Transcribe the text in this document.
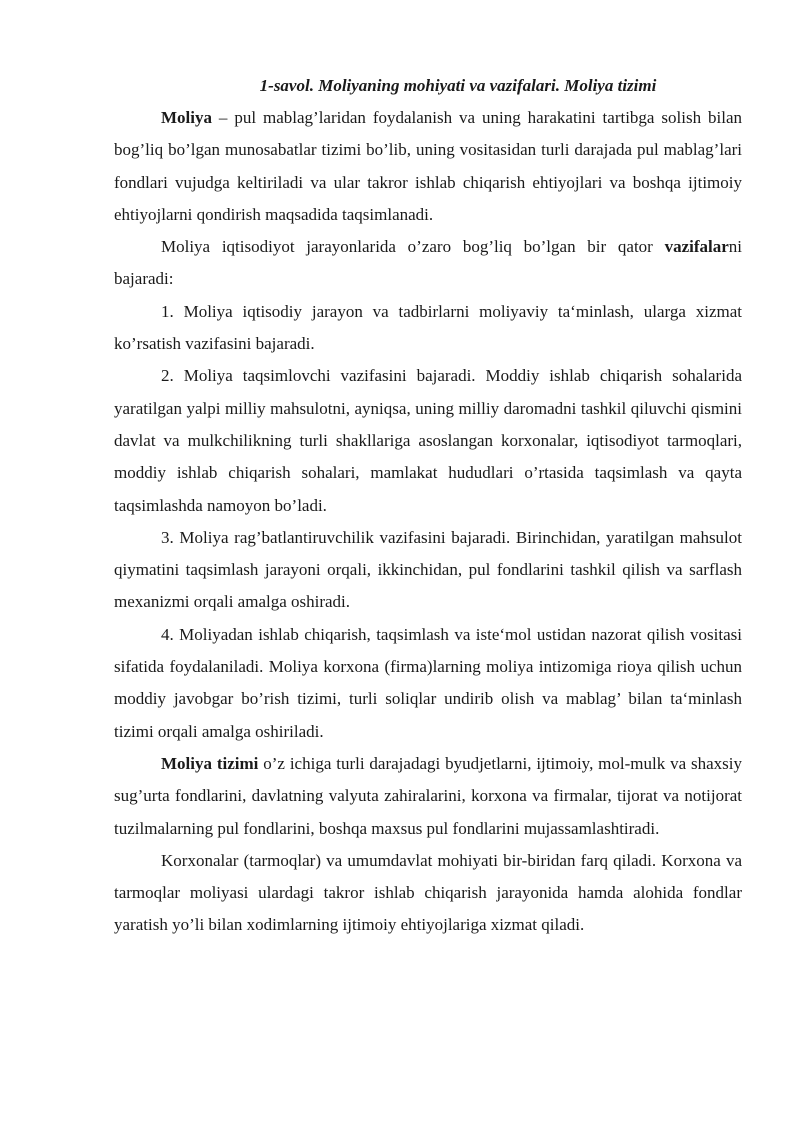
1-savol. Moliyaning mohiyati va vazifalari. Moliya tizimi

Moliya – pul mablag’laridan foydalanish va uning harakatini tartibga solish bilan bog’liq bo’lgan munosabatlar tizimi bo’lib, uning vositasidan turli darajada pul mablag’lari fondlari vujudga keltiriladi va ular takror ishlab chiqarish ehtiyojlari va boshqa ijtimoiy ehtiyojlarni qondirish maqsadida taqsimlanadi.

Moliya iqtisodiyot jarayonlarida o’zaro bog’liq bo’lgan bir qator vazifalarni bajaradi:

1. Moliya iqtisodiy jarayon va tadbirlarni moliyaviy ta‘minlash, ularga xizmat ko’rsatish vazifasini bajaradi.

2. Moliya taqsimlovchi vazifasini bajaradi. Moddiy ishlab chiqarish sohalarida yaratilgan yalpi milliy mahsulotni, ayniqsa, uning milliy daromadni tashkil qiluvchi qismini davlat va mulkchilikning turli shakllariga asoslangan korxonalar, iqtisodiyot tarmoqlari, moddiy ishlab chiqarish sohalari, mamlakat hududlari o’rtasida taqsimlash va qayta taqsimlashda namoyon bo’ladi.

3. Moliya rag’batlantiruvchilik vazifasini bajaradi. Birinchidan, yaratilgan mahsulot qiymatini taqsimlash jarayoni orqali, ikkinchidan, pul fondlarini tashkil qilish va sarflash mexanizmi orqali amalga oshiradi.

4. Moliyadan ishlab chiqarish, taqsimlash va iste‘mol ustidan nazorat qilish vositasi sifatida foydalaniladi. Moliya korxona (firma)larning moliya intizomiga rioya qilish uchun moddiy javobgar bo’rish tizimi, turli soliqlar undirib olish va mablag’ bilan ta‘minlash tizimi orqali amalga oshiriladi.

Moliya tizimi o’z ichiga turli darajadagi byudjetlarni, ijtimoiy, mol-mulk va shaxsiy sug’urta fondlarini, davlatning valyuta zahiralarini, korxona va firmalar, tijorat va notijorat tuzilmalarning pul fondlarini, boshqa maxsus pul fondlarini mujassamlashtiradi.

Korxonalar (tarmoqlar) va umumdavlat mohiyati bir-biridan farq qiladi. Korxona va tarmoqlar moliyasi ulardagi takror ishlab chiqarish jarayonida hamda alohida fondlar yaratish yo’li bilan xodimlarning ijtimoiy ehtiyojlariga xizmat qiladi.
